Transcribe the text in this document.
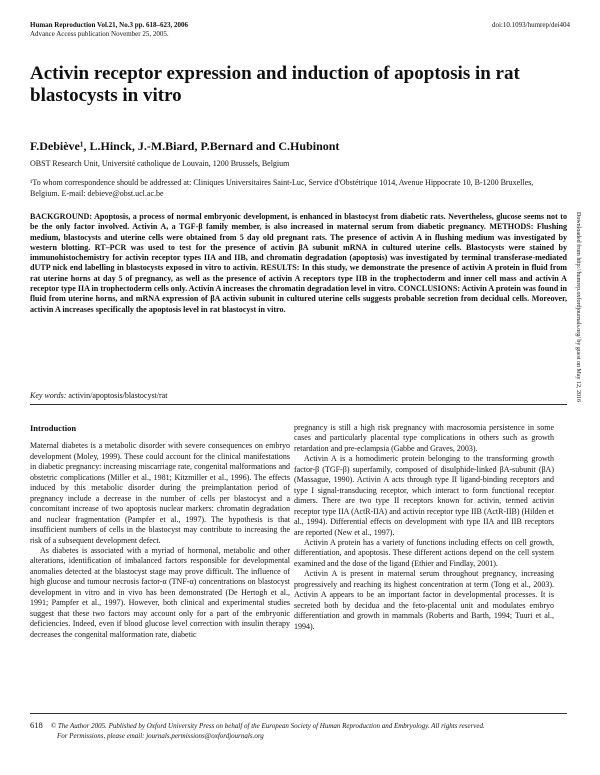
Human Reproduction Vol.21, No.3 pp. 618–623, 2006
Advance Access publication November 25, 2005.
doi:10.1093/humrep/dei404
Activin receptor expression and induction of apoptosis in rat blastocysts in vitro
F.Debiève¹, L.Hinck, J.-M.Biard, P.Bernard and C.Hubinont
OBST Research Unit, Université catholique de Louvain, 1200 Brussels, Belgium
¹To whom correspondence should be addressed at: Cliniques Universitaires Saint-Luc, Service d'Obstétrique 1014, Avenue Hippocrate 10, B-1200 Bruxelles, Belgium. E-mail: debieve@obst.ucl.ac.be
BACKGROUND: Apoptosis, a process of normal embryonic development, is enhanced in blastocyst from diabetic rats. Nevertheless, glucose seems not to be the only factor involved. Activin A, a TGF-β family member, is also increased in maternal serum from diabetic pregnancy. METHODS: Flushing medium, blastocysts and uterine cells were obtained from 5 day old pregnant rats. The presence of activin A in flushing medium was investigated by western blotting. RT–PCR was used to test for the presence of activin βA subunit mRNA in cultured uterine cells. Blastocysts were stained by immunohistochemistry for activin receptor types IIA and IIB, and chromatin degradation (apoptosis) was investigated by terminal transferase-mediated dUTP nick end labelling in blastocysts exposed in vitro to activin. RESULTS: In this study, we demonstrate the presence of activin A protein in fluid from rat uterine horns at day 5 of pregnancy, as well as the presence of activin A receptors type IIB in the trophectoderm and inner cell mass and activin A receptor type IIA in trophectoderm cells only. Activin A increases the chromatin degradation level in vitro. CONCLUSIONS: Activin A protein was found in fluid from uterine horns, and mRNA expression of βA activin subunit in cultured uterine cells suggests probable secretion from decidual cells. Moreover, activin A increases specifically the apoptosis level in rat blastocyst in vitro.
Key words: activin/apoptosis/blastocyst/rat
Introduction

Maternal diabetes is a metabolic disorder with severe consequences on embryo development (Moley, 1999). These could account for the clinical manifestations in diabetic pregnancy: increasing miscarriage rate, congenital malformations and obstetric complications (Miller et al., 1981; Kitzmiller et al., 1996). The effects induced by this metabolic disorder during the preimplantation period of pregnancy include a decrease in the number of cells per blastocyst and a concomitant increase of two apoptosis nuclear markers: chromatin degradation and nuclear fragmentation (Pampfer et al., 1997). The hypothesis is that insufficient numbers of cells in the blastocyst may contribute to increasing the risk of a subsequent development defect.

As diabetes is associated with a myriad of hormonal, metabolic and other alterations, identification of imbalanced factors responsible for developmental anomalies detected at the blastocyst stage may prove difficult. The influence of high glucose and tumour necrosis factor-α (TNF-α) concentrations on blastocyst development in vitro and in vivo has been demonstrated (De Hertogh et al., 1991; Pampfer et al., 1997). However, both clinical and experimental studies suggest that these two factors may account only for a part of the embryonic deficiencies. Indeed, even if blood glucose level correction with insulin therapy decreases the congenital malformation rate, diabetic

pregnancy is still a high risk pregnancy with macrosomia persistence in some cases and particularly placental type complications in others such as growth retardation and pre-eclampsia (Gabbe and Graves, 2003).

Activin A is a homodimeric protein belonging to the transforming growth factor-β (TGF-β) superfamily, composed of disulphide-linked βA-subunit (βA) (Massague, 1990). Activin A acts through type II ligand-binding receptors and type I signal-transducing receptor, which interact to form functional receptor dimers. There are two type II receptors known for activin, termed activin receptor type IIA (ActR-IIA) and activin receptor type IIB (ActR-IIB) (Hilden et al., 1994). Differential effects on development with type IIA and IIB receptors are reported (New et al., 1997).

Activin A protein has a variety of functions including effects on cell growth, differentiation, and apoptosis. These different actions depend on the cell system examined and the dose of the ligand (Ethier and Findlay, 2001).

Activin A is present in maternal serum throughout pregnancy, increasing progressively and reaching its highest concentration at term (Tong et al., 2003). Activin A appears to be an important factor in developmental processes. It is secreted both by decidua and the feto-placental unit and modulates embryo differentiation and growth in mammals (Roberts and Barth, 1994; Tuuri et al., 1994).

Downloaded from http://humrep.oxfordjournals.org/ by guest on May 12, 2016
618 © The Author 2005. Published by Oxford University Press on behalf of the European Society of Human Reproduction and Embryology. All rights reserved.
For Permissions, please email: journals.permissions@oxfordjournals.org
